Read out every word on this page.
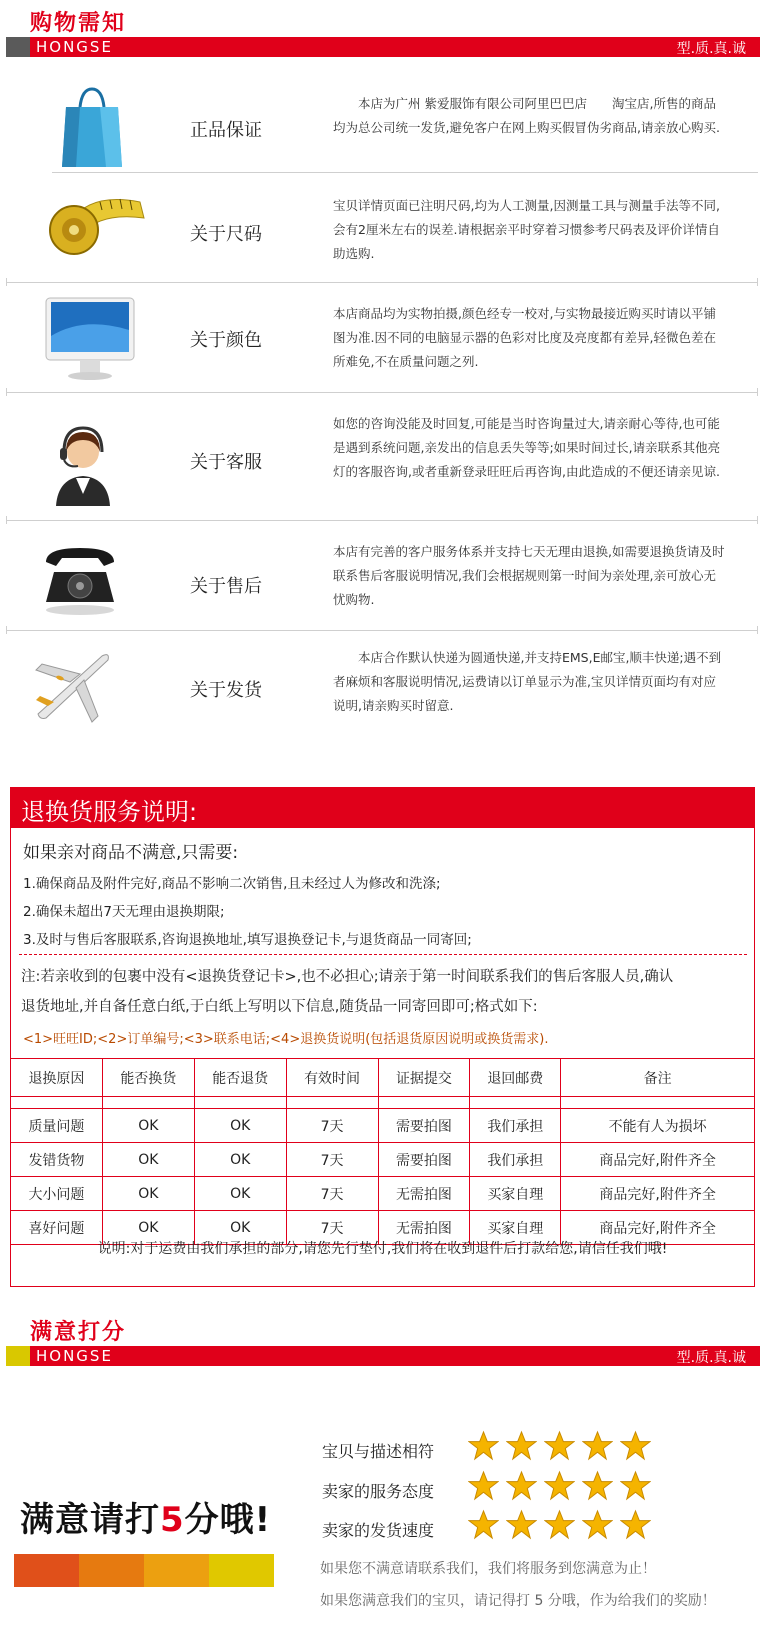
购物需知
HONGSE	型.质.真.诚
正品保证
本店为广州 紫爱服饰有限公司阿里巴巴店　　淘宝店,所售的商品均为总公司统一发货,避免客户在网上购买假冒伪劣商品,请亲放心购买.
关于尺码
宝贝详情页面已注明尺码,均为人工测量,因测量工具与测量手法等不同,会有2厘米左右的误差.请根据亲平时穿着习惯参考尺码表及评价详情自助选购.
关于颜色
本店商品均为实物拍摄,颜色经专一校对,与实物最接近购买时请以平铺图为准.因不同的电脑显示器的色彩对比度及亮度都有差异,轻微色差在所难免,不在质量问题之列.
关于客服
如您的咨询没能及时回复,可能是当时咨询量过大,请亲耐心等待,也可能是遇到系统问题,亲发出的信息丢失等等;如果时间过长,请亲联系其他亮灯的客服咨询,或者重新登录旺旺后再咨询,由此造成的不便还请亲见谅.
关于售后
本店有完善的客户服务体系并支持七天无理由退换,如需要退换货请及时联系售后客服说明情况,我们会根据规则第一时间为亲处理,亲可放心无忧购物.
关于发货
本店合作默认快递为圆通快递,并支持EMS,E邮宝,顺丰快递;遇不到者麻烦和客服说明情况,运费请以订单显示为准,宝贝详情页面均有对应说明,请亲购买时留意.
退换货服务说明:
如果亲对商品不满意,只需要:
1.确保商品及附件完好,商品不影响二次销售,且未经过人为修改和洗涤;
2.确保未超出7天无理由退换期限;
3.及时与售后客服联系,咨询退换地址,填写退换登记卡,与退货商品一同寄回;
注:若亲收到的包裹中没有<退换货登记卡>,也不必担心;请亲于第一时间联系我们的售后客服人员,确认
退货地址,并自备任意白纸,于白纸上写明以下信息,随货品一同寄回即可;格式如下:
<1>旺旺ID;<2>订单编号;<3>联系电话;<4>退换货说明(包括退货原因说明或换货需求).
退换原因	能否换货	能否退货	有效时间	证据提交	退回邮费	备注

质量问题	OK	OK	7天	需要拍图	我们承担	不能有人为损坏
发错货物	OK	OK	7天	需要拍图	我们承担	商品完好,附件齐全
大小问题	OK	OK	7天	无需拍图	买家自理	商品完好,附件齐全
喜好问题	OK	OK	7天	无需拍图	买家自理	商品完好,附件齐全
说明:对于运费由我们承担的部分,请您先行垫付,我们将在收到退件后打款给您,请信任我们哦!
满意打分
HONGSE	型.质.真.诚
满意请打5分哦!
宝贝与描述相符
卖家的服务态度
卖家的发货速度
如果您不满意请联系我们，我们将服务到您满意为止！
如果您满意我们的宝贝，请记得打 5 分哦，作为给我们的奖励！
